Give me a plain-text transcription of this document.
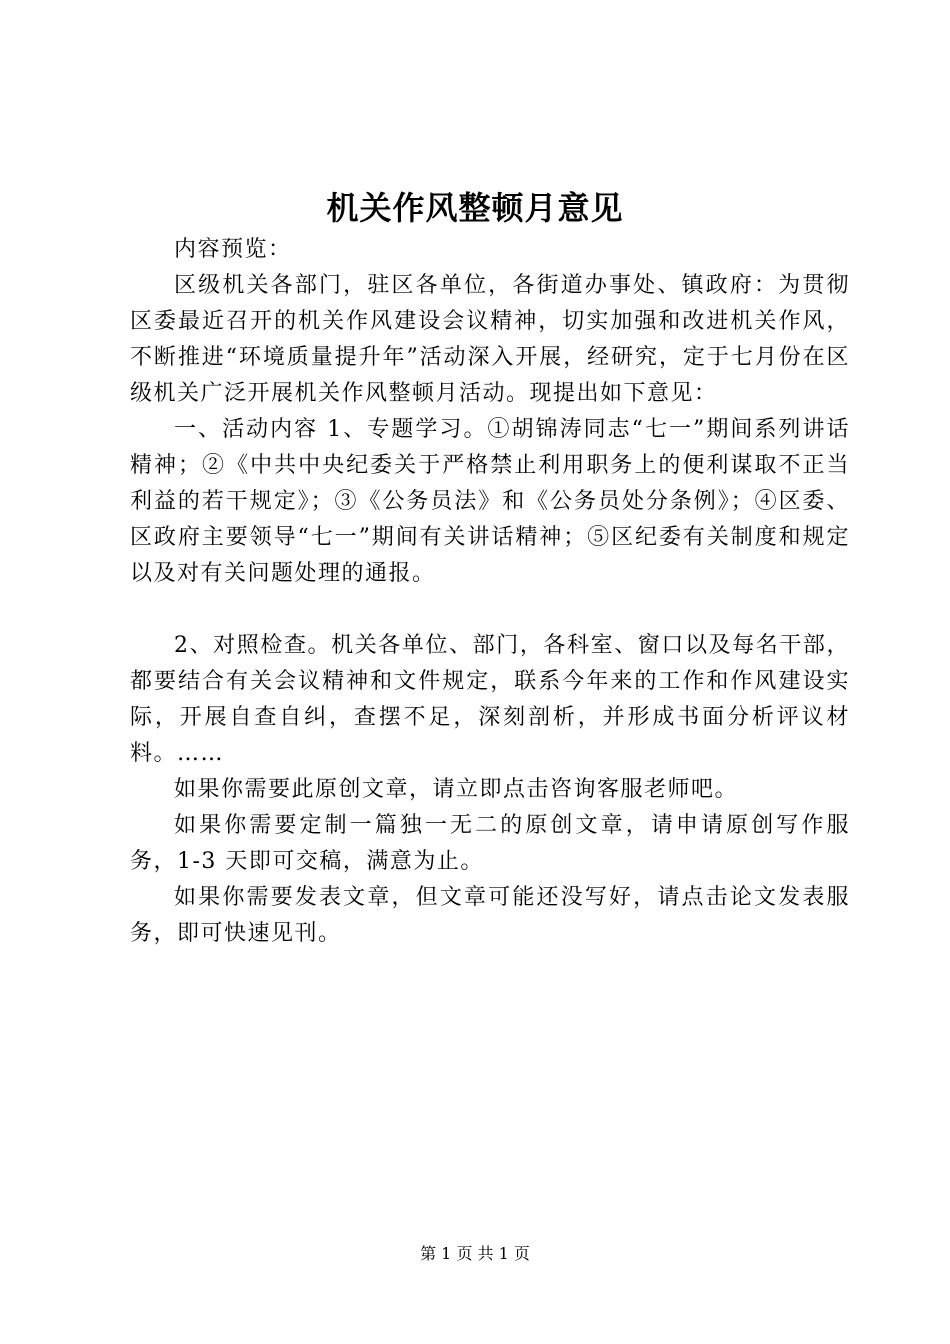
机关作风整顿月意见

内容预览：

区级机关各部门，驻区各单位，各街道办事处、镇政府：为贯彻区委最近召开的机关作风建设会议精神，切实加强和改进机关作风，不断推进“环境质量提升年”活动深入开展，经研究，定于七月份在区级机关广泛开展机关作风整顿月活动。现提出如下意见：

一、活动内容 1、专题学习。①胡锦涛同志“七一”期间系列讲话精神；②《中共中央纪委关于严格禁止利用职务上的便利谋取不正当利益的若干规定》；③《公务员法》和《公务员处分条例》；④区委、区政府主要领导“七一”期间有关讲话精神；⑤区纪委有关制度和规定以及对有关问题处理的通报。

2、对照检查。机关各单位、部门，各科室、窗口以及每名干部，都要结合有关会议精神和文件规定，联系今年来的工作和作风建设实际，开展自查自纠，查摆不足，深刻剖析，并形成书面分析评议材料。……

如果你需要此原创文章，请立即点击咨询客服老师吧。

如果你需要定制一篇独一无二的原创文章，请申请原创写作服务，1-3 天即可交稿，满意为止。

如果你需要发表文章，但文章可能还没写好，请点击论文发表服务，即可快速见刊。

第 1 页 共 1 页
